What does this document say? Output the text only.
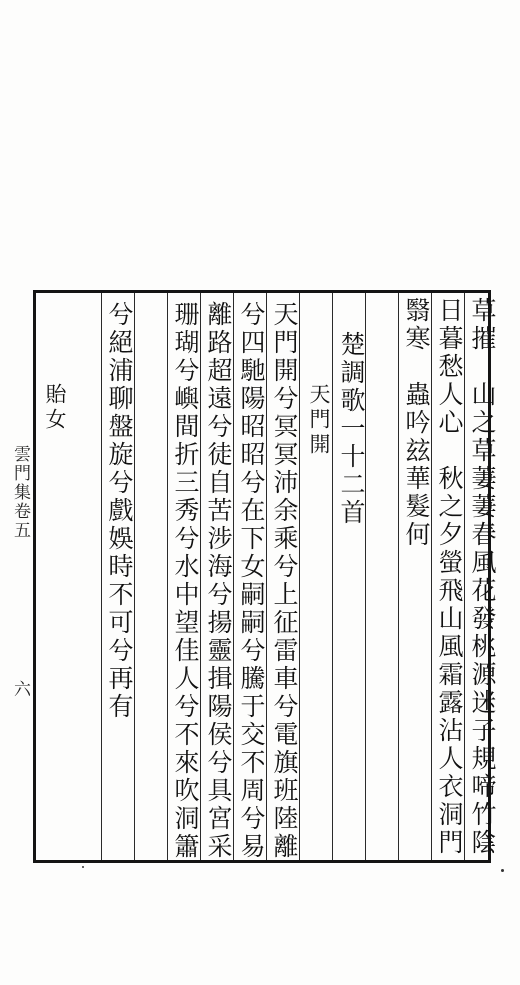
草摧　山之草萋萋春風花發桃源迷子規啼竹陰
日暮愁人心　秋之夕螢飛山風霜露沾人衣洞門
翳寒　蟲吟玆華髮何
楚調歌一十二首
天門開
天門開兮冥冥沛余乘兮上征雷車兮電旗班陸離
兮四馳陽昭昭兮在下女嗣嗣兮騰于交不周兮易
離路超遠兮徒自苦涉海兮揚靈揖陽侯兮具宮采
珊瑚兮嶼間折三秀兮水中望佳人兮不來吹洞簫
兮絕浦聊盤旋兮戲娛時不可兮再有
貽女
雲門集卷五
六
